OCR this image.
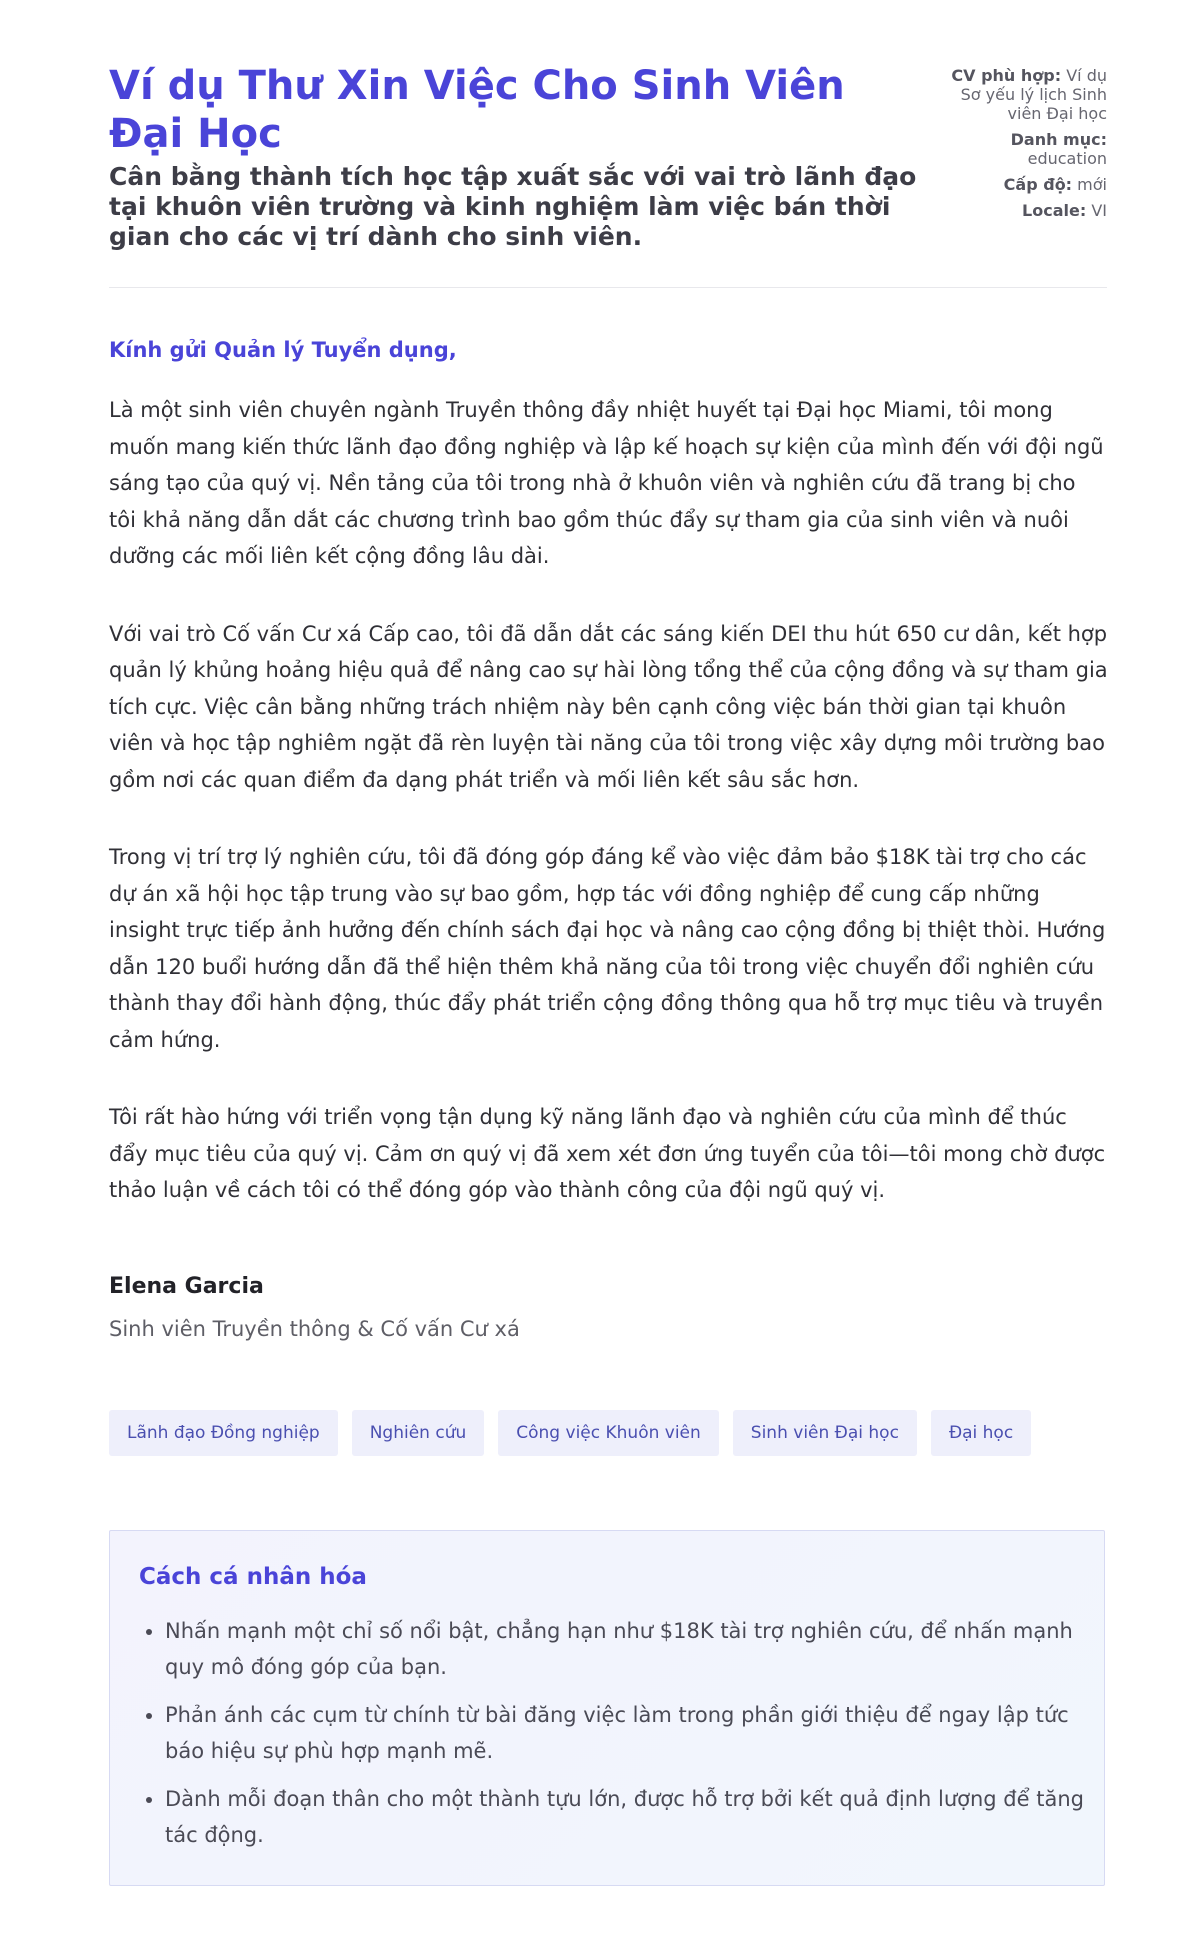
Ví dụ Thư Xin Việc Cho Sinh Viên Đại Học

Cân bằng thành tích học tập xuất sắc với vai trò lãnh đạo tại khuôn viên trường và kinh nghiệm làm việc bán thời gian cho các vị trí dành cho sinh viên.

CV phù hợp: Ví dụ Sơ yếu lý lịch Sinh viên Đại học
Danh mục: education
Cấp độ: mới
Locale: VI

Kính gửi Quản lý Tuyển dụng,

Là một sinh viên chuyên ngành Truyền thông đầy nhiệt huyết tại Đại học Miami, tôi mong muốn mang kiến thức lãnh đạo đồng nghiệp và lập kế hoạch sự kiện của mình đến với đội ngũ sáng tạo của quý vị. Nền tảng của tôi trong nhà ở khuôn viên và nghiên cứu đã trang bị cho tôi khả năng dẫn dắt các chương trình bao gồm thúc đẩy sự tham gia của sinh viên và nuôi dưỡng các mối liên kết cộng đồng lâu dài.

Với vai trò Cố vấn Cư xá Cấp cao, tôi đã dẫn dắt các sáng kiến DEI thu hút 650 cư dân, kết hợp quản lý khủng hoảng hiệu quả để nâng cao sự hài lòng tổng thể của cộng đồng và sự tham gia tích cực. Việc cân bằng những trách nhiệm này bên cạnh công việc bán thời gian tại khuôn viên và học tập nghiêm ngặt đã rèn luyện tài năng của tôi trong việc xây dựng môi trường bao gồm nơi các quan điểm đa dạng phát triển và mối liên kết sâu sắc hơn.

Trong vị trí trợ lý nghiên cứu, tôi đã đóng góp đáng kể vào việc đảm bảo $18K tài trợ cho các dự án xã hội học tập trung vào sự bao gồm, hợp tác với đồng nghiệp để cung cấp những insight trực tiếp ảnh hưởng đến chính sách đại học và nâng cao cộng đồng bị thiệt thòi. Hướng dẫn 120 buổi hướng dẫn đã thể hiện thêm khả năng của tôi trong việc chuyển đổi nghiên cứu thành thay đổi hành động, thúc đẩy phát triển cộng đồng thông qua hỗ trợ mục tiêu và truyền cảm hứng.

Tôi rất hào hứng với triển vọng tận dụng kỹ năng lãnh đạo và nghiên cứu của mình để thúc đẩy mục tiêu của quý vị. Cảm ơn quý vị đã xem xét đơn ứng tuyển của tôi—tôi mong chờ được thảo luận về cách tôi có thể đóng góp vào thành công của đội ngũ quý vị.

Elena Garcia

Sinh viên Truyền thông & Cố vấn Cư xá

Lãnh đạo Đồng nghiệp	Nghiên cứu	Công việc Khuôn viên	Sinh viên Đại học	Đại học
Cách cá nhân hóa
• Nhấn mạnh một chỉ số nổi bật, chẳng hạn như $18K tài trợ nghiên cứu, để nhấn mạnh quy mô đóng góp của bạn.
• Phản ánh các cụm từ chính từ bài đăng việc làm trong phần giới thiệu để ngay lập tức báo hiệu sự phù hợp mạnh mẽ.
• Dành mỗi đoạn thân cho một thành tựu lớn, được hỗ trợ bởi kết quả định lượng để tăng tác động.
